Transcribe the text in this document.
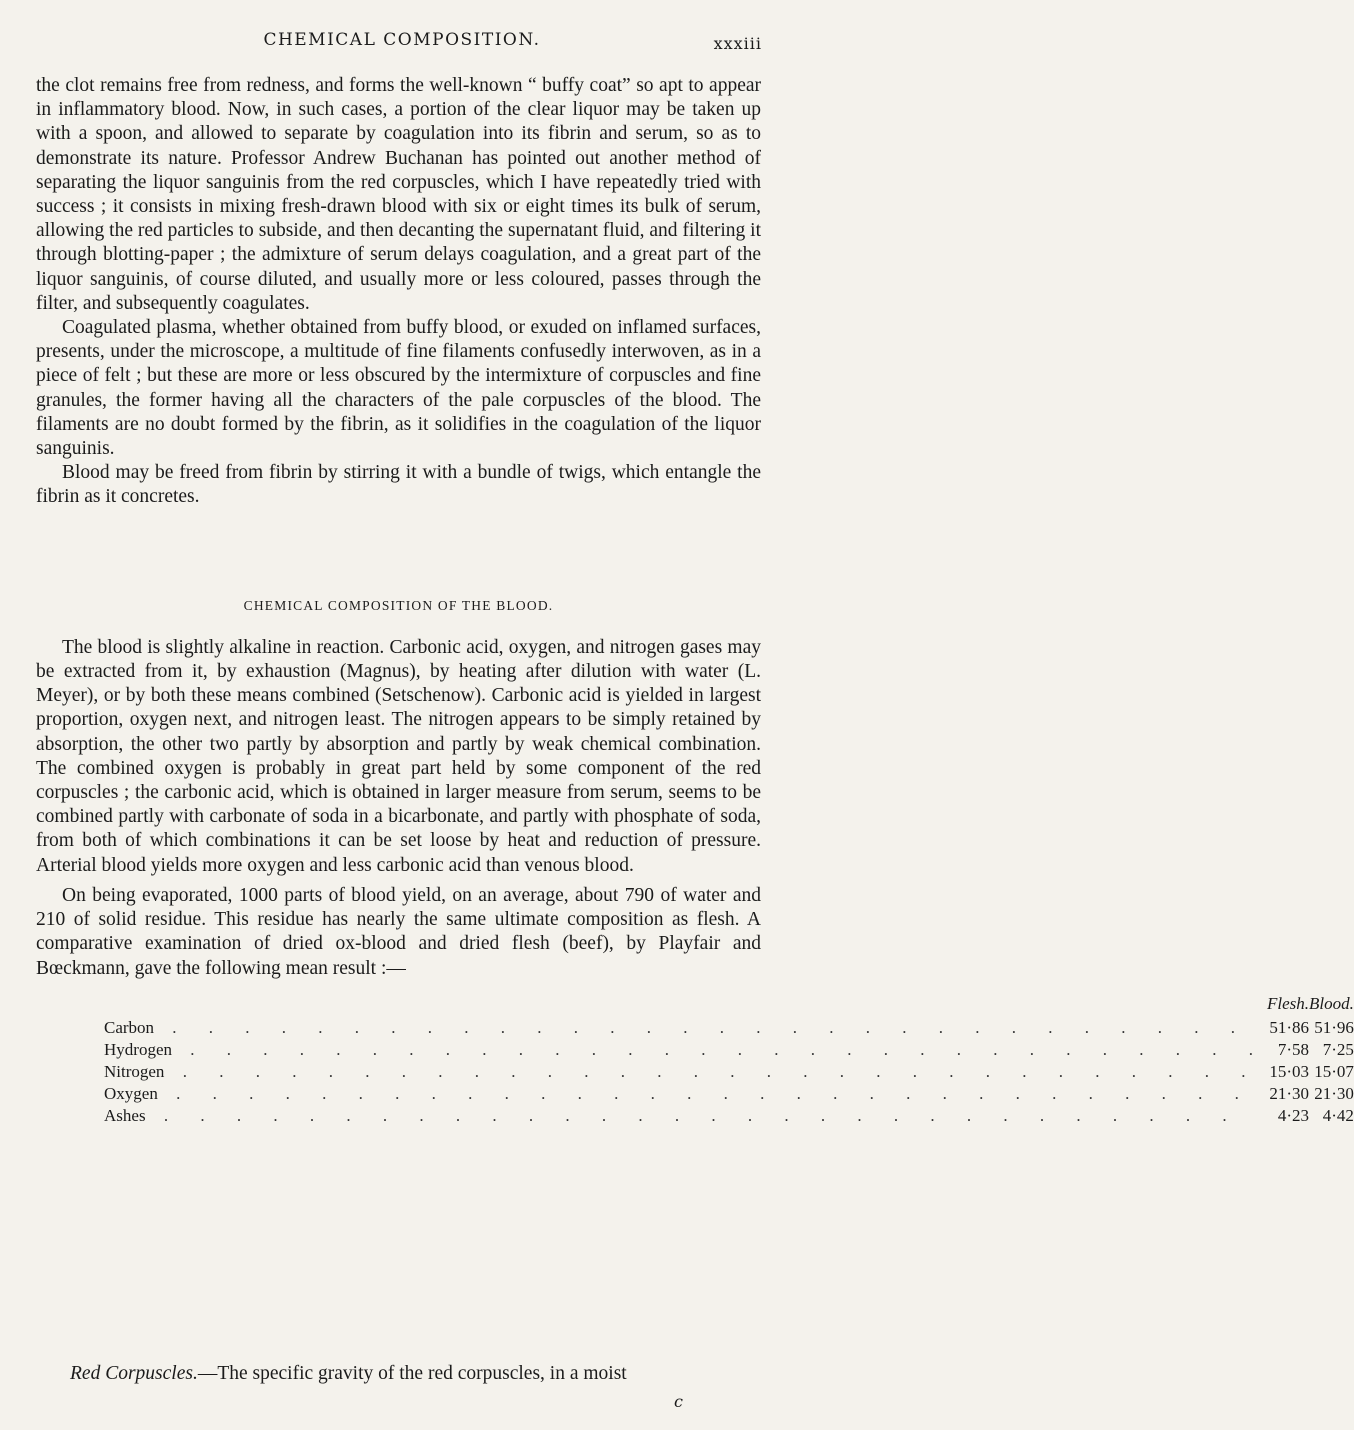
CHEMICAL COMPOSITION.	xxxiii

the clot remains free from redness, and forms the well-known “ buffy coat” so apt to appear in inflammatory blood. Now, in such cases, a portion of the clear liquor may be taken up with a spoon, and allowed to separate by coagulation into its fibrin and serum, so as to demonstrate its nature. Professor Andrew Buchanan has pointed out another method of separating the liquor sanguinis from the red corpuscles, which I have repeatedly tried with success ; it consists in mixing fresh-drawn blood with six or eight times its bulk of serum, allowing the red particles to subside, and then decanting the supernatant fluid, and filtering it through blotting-paper ; the admixture of serum delays coagulation, and a great part of the liquor sanguinis, of course diluted, and usually more or less coloured, passes through the filter, and subsequently coagulates.

Coagulated plasma, whether obtained from buffy blood, or exuded on inflamed surfaces, presents, under the microscope, a multitude of fine filaments confusedly interwoven, as in a piece of felt ; but these are more or less obscured by the intermixture of corpuscles and fine granules, the former having all the characters of the pale corpuscles of the blood. The filaments are no doubt formed by the fibrin, as it solidifies in the coagulation of the liquor sanguinis.

Blood may be freed from fibrin by stirring it with a bundle of twigs, which entangle the fibrin as it concretes.

CHEMICAL COMPOSITION OF THE BLOOD.

The blood is slightly alkaline in reaction. Carbonic acid, oxygen, and nitrogen gases may be extracted from it, by exhaustion (Magnus), by heating after dilution with water (L. Meyer), or by both these means combined (Setschenow). Carbonic acid is yielded in largest proportion, oxygen next, and nitrogen least. The nitrogen appears to be simply retained by absorption, the other two partly by absorption and partly by weak chemical combination. The combined oxygen is probably in great part held by some component of the red corpuscles ; the carbonic acid, which is obtained in larger measure from serum, seems to be combined partly with carbonate of soda in a bicarbonate, and partly with phosphate of soda, from both of which combinations it can be set loose by heat and reduction of pressure. Arterial blood yields more oxygen and less carbonic acid than venous blood.

On being evaporated, 1000 parts of blood yield, on an average, about 790 of water and 210 of solid residue. This residue has nearly the same ultimate composition as flesh. A comparative examination of dried ox-blood and dried flesh (beef), by Playfair and Bœckmann, gave the following mean result :—

	Flesh.	Blood.
Carbon . . . . . . . . . . . . . . . . . . . . . . . . . . . . . .	51·86	51·96
Hydrogen . . . . . . . . . . . . . . . . . . . . . . . . . . . . . .	7·58	7·25
Nitrogen . . . . . . . . . . . . . . . . . . . . . . . . . . . . . .	15·03	15·07
Oxygen . . . . . . . . . . . . . . . . . . . . . . . . . . . . . .	21·30	21·30
Ashes . . . . . . . . . . . . . . . . . . . . . . . . . . . . . .	4·23	4·42
Red Corpuscles.—The specific gravity of the red corpuscles, in a moist
c
